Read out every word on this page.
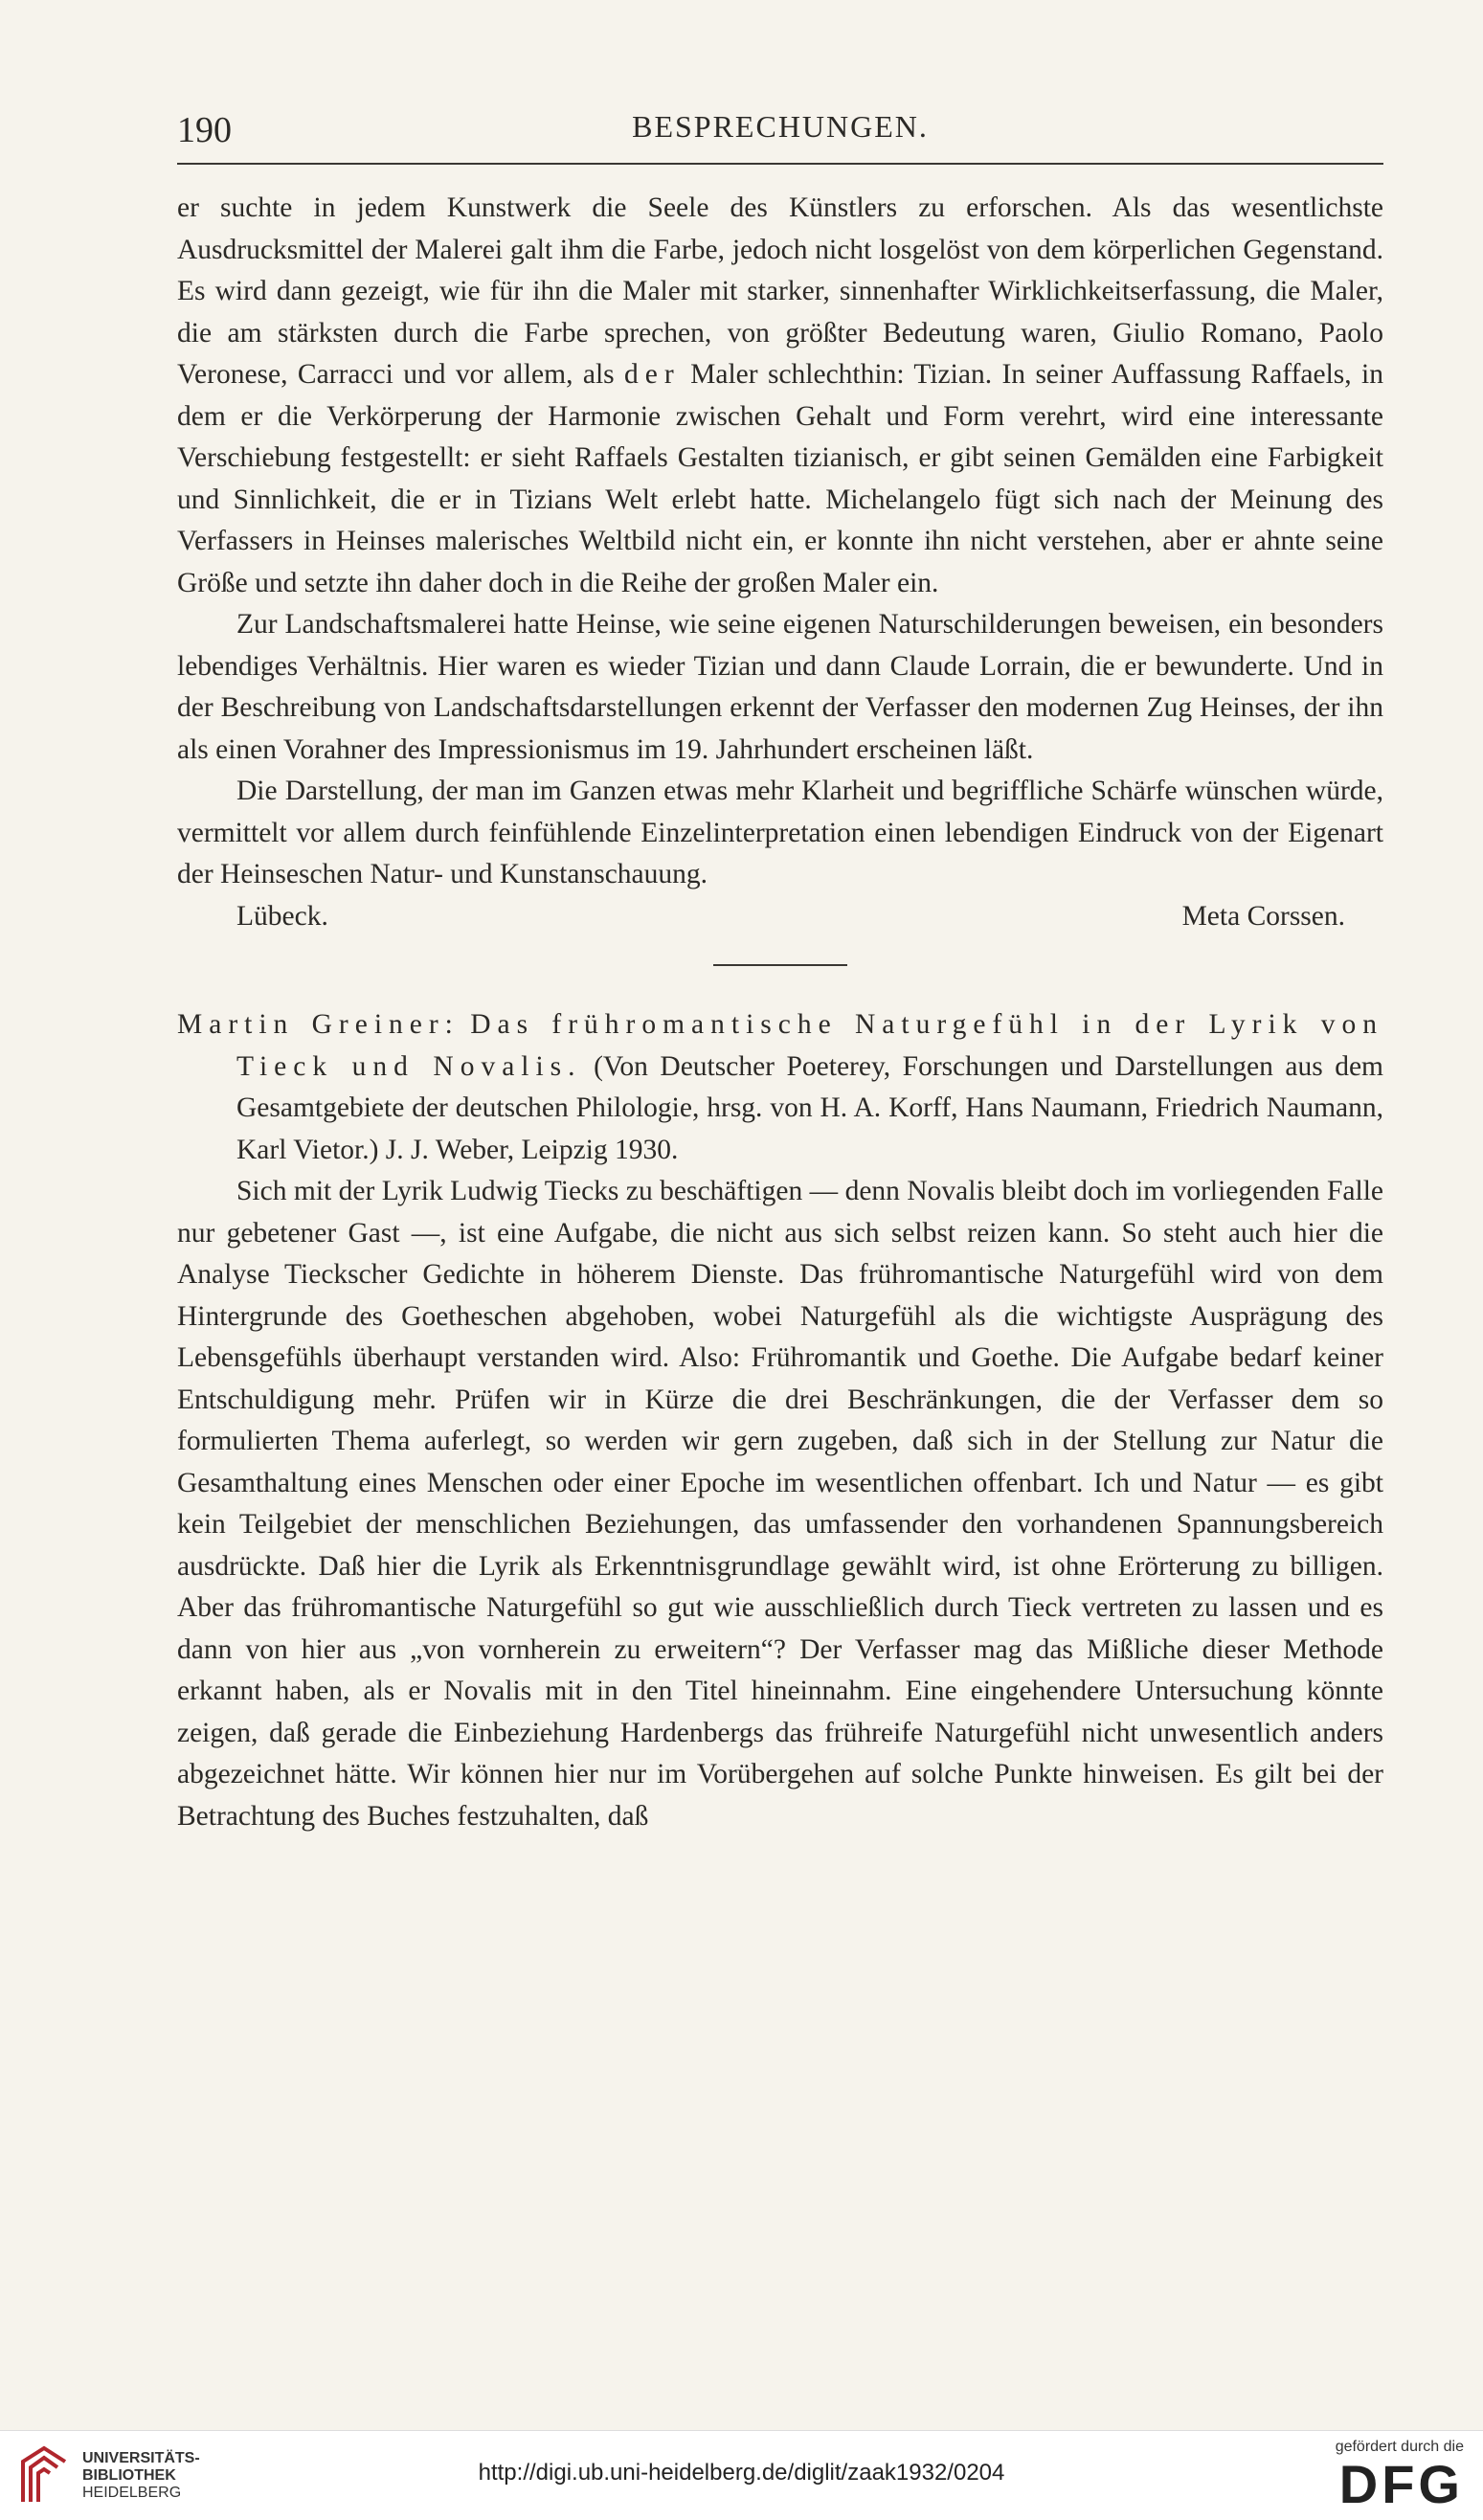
190	BESPRECHUNGEN.

er suchte in jedem Kunstwerk die Seele des Künstlers zu erforschen. Als das wesentlichste Ausdrucksmittel der Malerei galt ihm die Farbe, jedoch nicht losgelöst von dem körperlichen Gegenstand. Es wird dann gezeigt, wie für ihn die Maler mit starker, sinnenhafter Wirklichkeitserfassung, die Maler, die am stärksten durch die Farbe sprechen, von größter Bedeutung waren, Giulio Romano, Paolo Veronese, Carracci und vor allem, als der Maler schlechthin: Tizian. In seiner Auffassung Raffaels, in dem er die Verkörperung der Harmonie zwischen Gehalt und Form verehrt, wird eine interessante Verschiebung festgestellt: er sieht Raffaels Gestalten tizianisch, er gibt seinen Gemälden eine Farbigkeit und Sinnlichkeit, die er in Tizians Welt erlebt hatte. Michelangelo fügt sich nach der Meinung des Verfassers in Heinses malerisches Weltbild nicht ein, er konnte ihn nicht verstehen, aber er ahnte seine Größe und setzte ihn daher doch in die Reihe der großen Maler ein.

Zur Landschaftsmalerei hatte Heinse, wie seine eigenen Naturschilderungen beweisen, ein besonders lebendiges Verhältnis. Hier waren es wieder Tizian und dann Claude Lorrain, die er bewunderte. Und in der Beschreibung von Landschaftsdarstellungen erkennt der Verfasser den modernen Zug Heinses, der ihn als einen Vorahner des Impressionismus im 19. Jahrhundert erscheinen läßt.

Die Darstellung, der man im Ganzen etwas mehr Klarheit und begriffliche Schärfe wünschen würde, vermittelt vor allem durch feinfühlende Einzelinterpretation einen lebendigen Eindruck von der Eigenart der Heinseschen Natur- und Kunstanschauung.

Lübeck.	Meta Corssen.

Martin Greiner: Das frühromantische Naturgefühl in der Lyrik von Tieck und Novalis. (Von Deutscher Poeterey, Forschungen und Darstellungen aus dem Gesamtgebiete der deutschen Philologie, hrsg. von H. A. Korff, Hans Naumann, Friedrich Naumann, Karl Vietor.) J. J. Weber, Leipzig 1930.

Sich mit der Lyrik Ludwig Tiecks zu beschäftigen — denn Novalis bleibt doch im vorliegenden Falle nur gebetener Gast —, ist eine Aufgabe, die nicht aus sich selbst reizen kann. So steht auch hier die Analyse Tieckscher Gedichte in höherem Dienste. Das frühromantische Naturgefühl wird von dem Hintergrunde des Goetheschen abgehoben, wobei Naturgefühl als die wichtigste Ausprägung des Lebensgefühls überhaupt verstanden wird. Also: Frühromantik und Goethe. Die Aufgabe bedarf keiner Entschuldigung mehr. Prüfen wir in Kürze die drei Beschränkungen, die der Verfasser dem so formulierten Thema auferlegt, so werden wir gern zugeben, daß sich in der Stellung zur Natur die Gesamthaltung eines Menschen oder einer Epoche im wesentlichen offenbart. Ich und Natur — es gibt kein Teilgebiet der menschlichen Beziehungen, das umfassender den vorhandenen Spannungsbereich ausdrückte. Daß hier die Lyrik als Erkenntnisgrundlage gewählt wird, ist ohne Erörterung zu billigen. Aber das frühromantische Naturgefühl so gut wie ausschließlich durch Tieck vertreten zu lassen und es dann von hier aus „von vornherein zu erweitern“? Der Verfasser mag das Mißliche dieser Methode erkannt haben, als er Novalis mit in den Titel hineinnahm. Eine eingehendere Untersuchung könnte zeigen, daß gerade die Einbeziehung Hardenbergs das frühreife Naturgefühl nicht unwesentlich anders abgezeichnet hätte. Wir können hier nur im Vorübergehen auf solche Punkte hinweisen. Es gilt bei der Betrachtung des Buches festzuhalten, daß

UNIVERSITÄTS-
BIBLIOTHEK
HEIDELBERG
http://digi.ub.uni-heidelberg.de/diglit/zaak1932/0204
gefördert durch die
DFG
